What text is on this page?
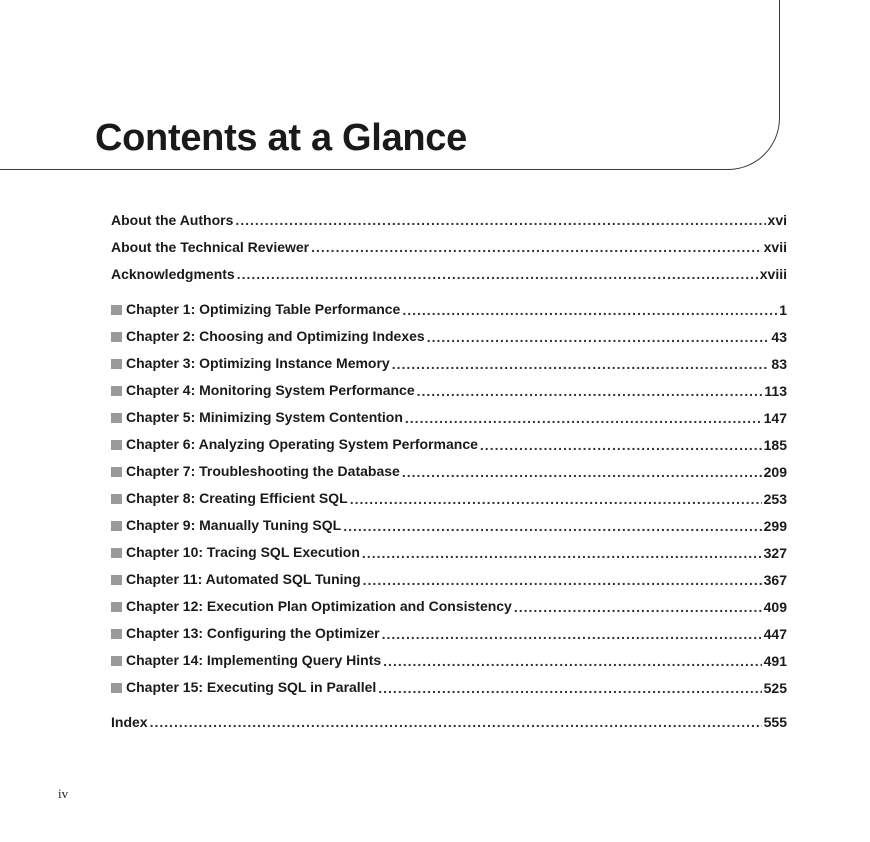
Contents at a Glance
About the Authors .....	xvi
About the Technical Reviewer .....	xvii
Acknowledgments .....	xviii
Chapter 1: Optimizing Table Performance .....	1
Chapter 2: Choosing and Optimizing Indexes .....	43
Chapter 3: Optimizing Instance Memory .....	83
Chapter 4: Monitoring System Performance .....	113
Chapter 5: Minimizing System Contention .....	147
Chapter 6: Analyzing Operating System Performance .....	185
Chapter 7: Troubleshooting the Database .....	209
Chapter 8: Creating Efficient SQL .....	253
Chapter 9: Manually Tuning SQL .....	299
Chapter 10: Tracing SQL Execution .....	327
Chapter 11: Automated SQL Tuning .....	367
Chapter 12: Execution Plan Optimization and Consistency .....	409
Chapter 13: Configuring the Optimizer .....	447
Chapter 14: Implementing Query Hints .....	491
Chapter 15: Executing SQL in Parallel .....	525
Index .....	555
iv
